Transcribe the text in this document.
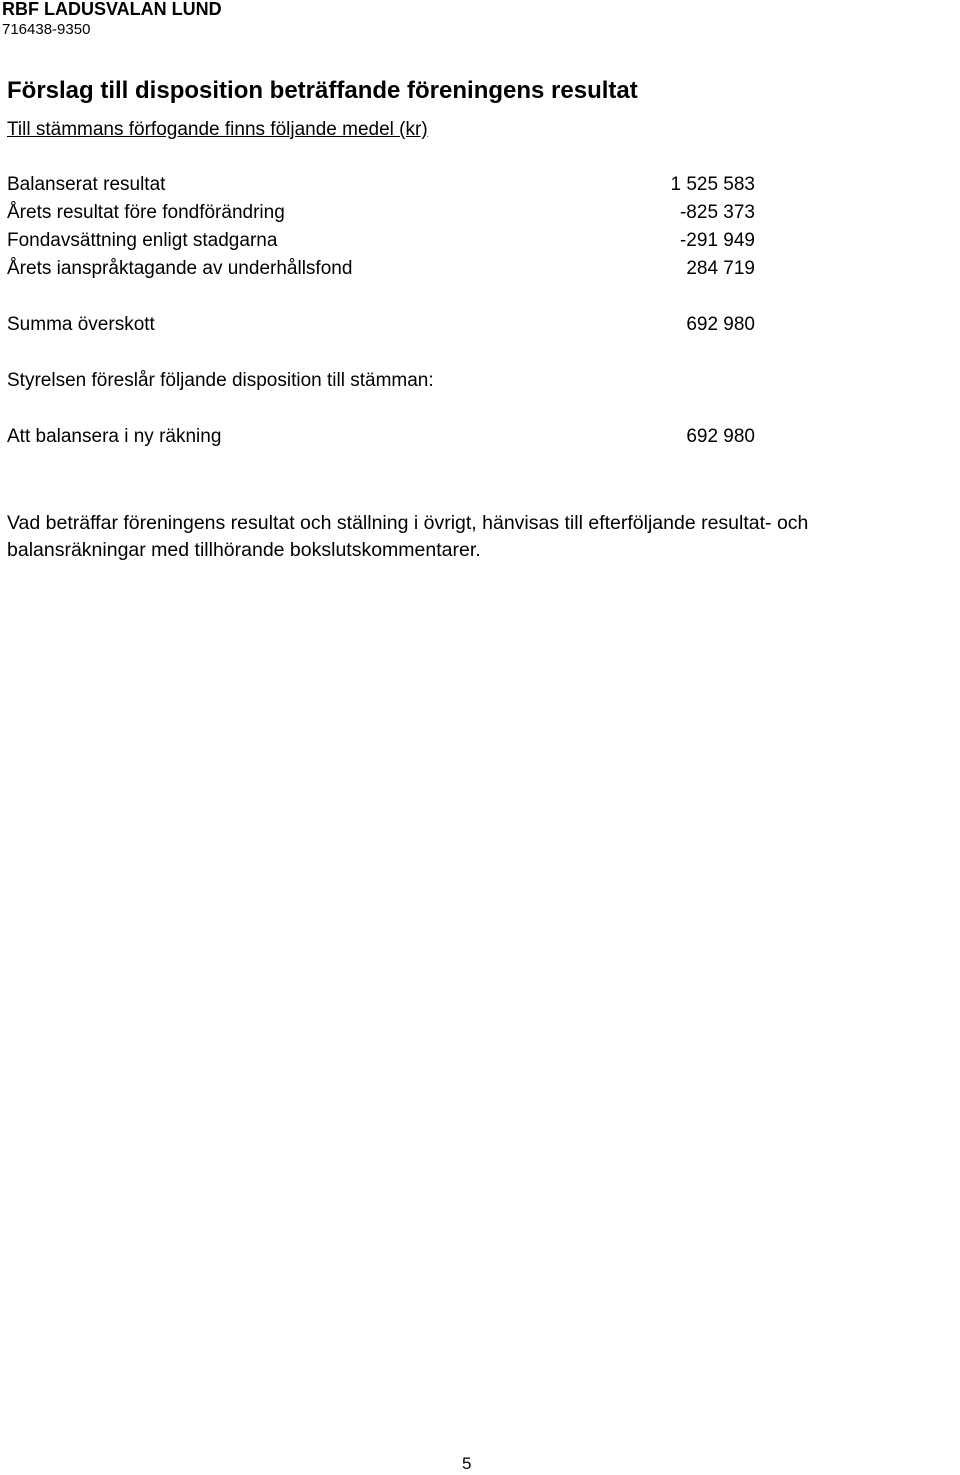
RBF LADUSVALAN LUND
716438-9350
Förslag till disposition beträffande föreningens resultat
Till stämmans förfogande finns följande medel (kr)
Balanserat resultat	1 525 583
Årets resultat före fondförändring	-825 373
Fondavsättning enligt stadgarna	-291 949
Årets ianspråktagande av underhållsfond	284 719
Summa överskott	692 980
Styrelsen föreslår följande disposition till stämman:
Att balansera i ny räkning	692 980
Vad beträffar föreningens resultat och ställning i övrigt, hänvisas till efterföljande resultat- och
balansräkningar med tillhörande bokslutskommentarer.
5
